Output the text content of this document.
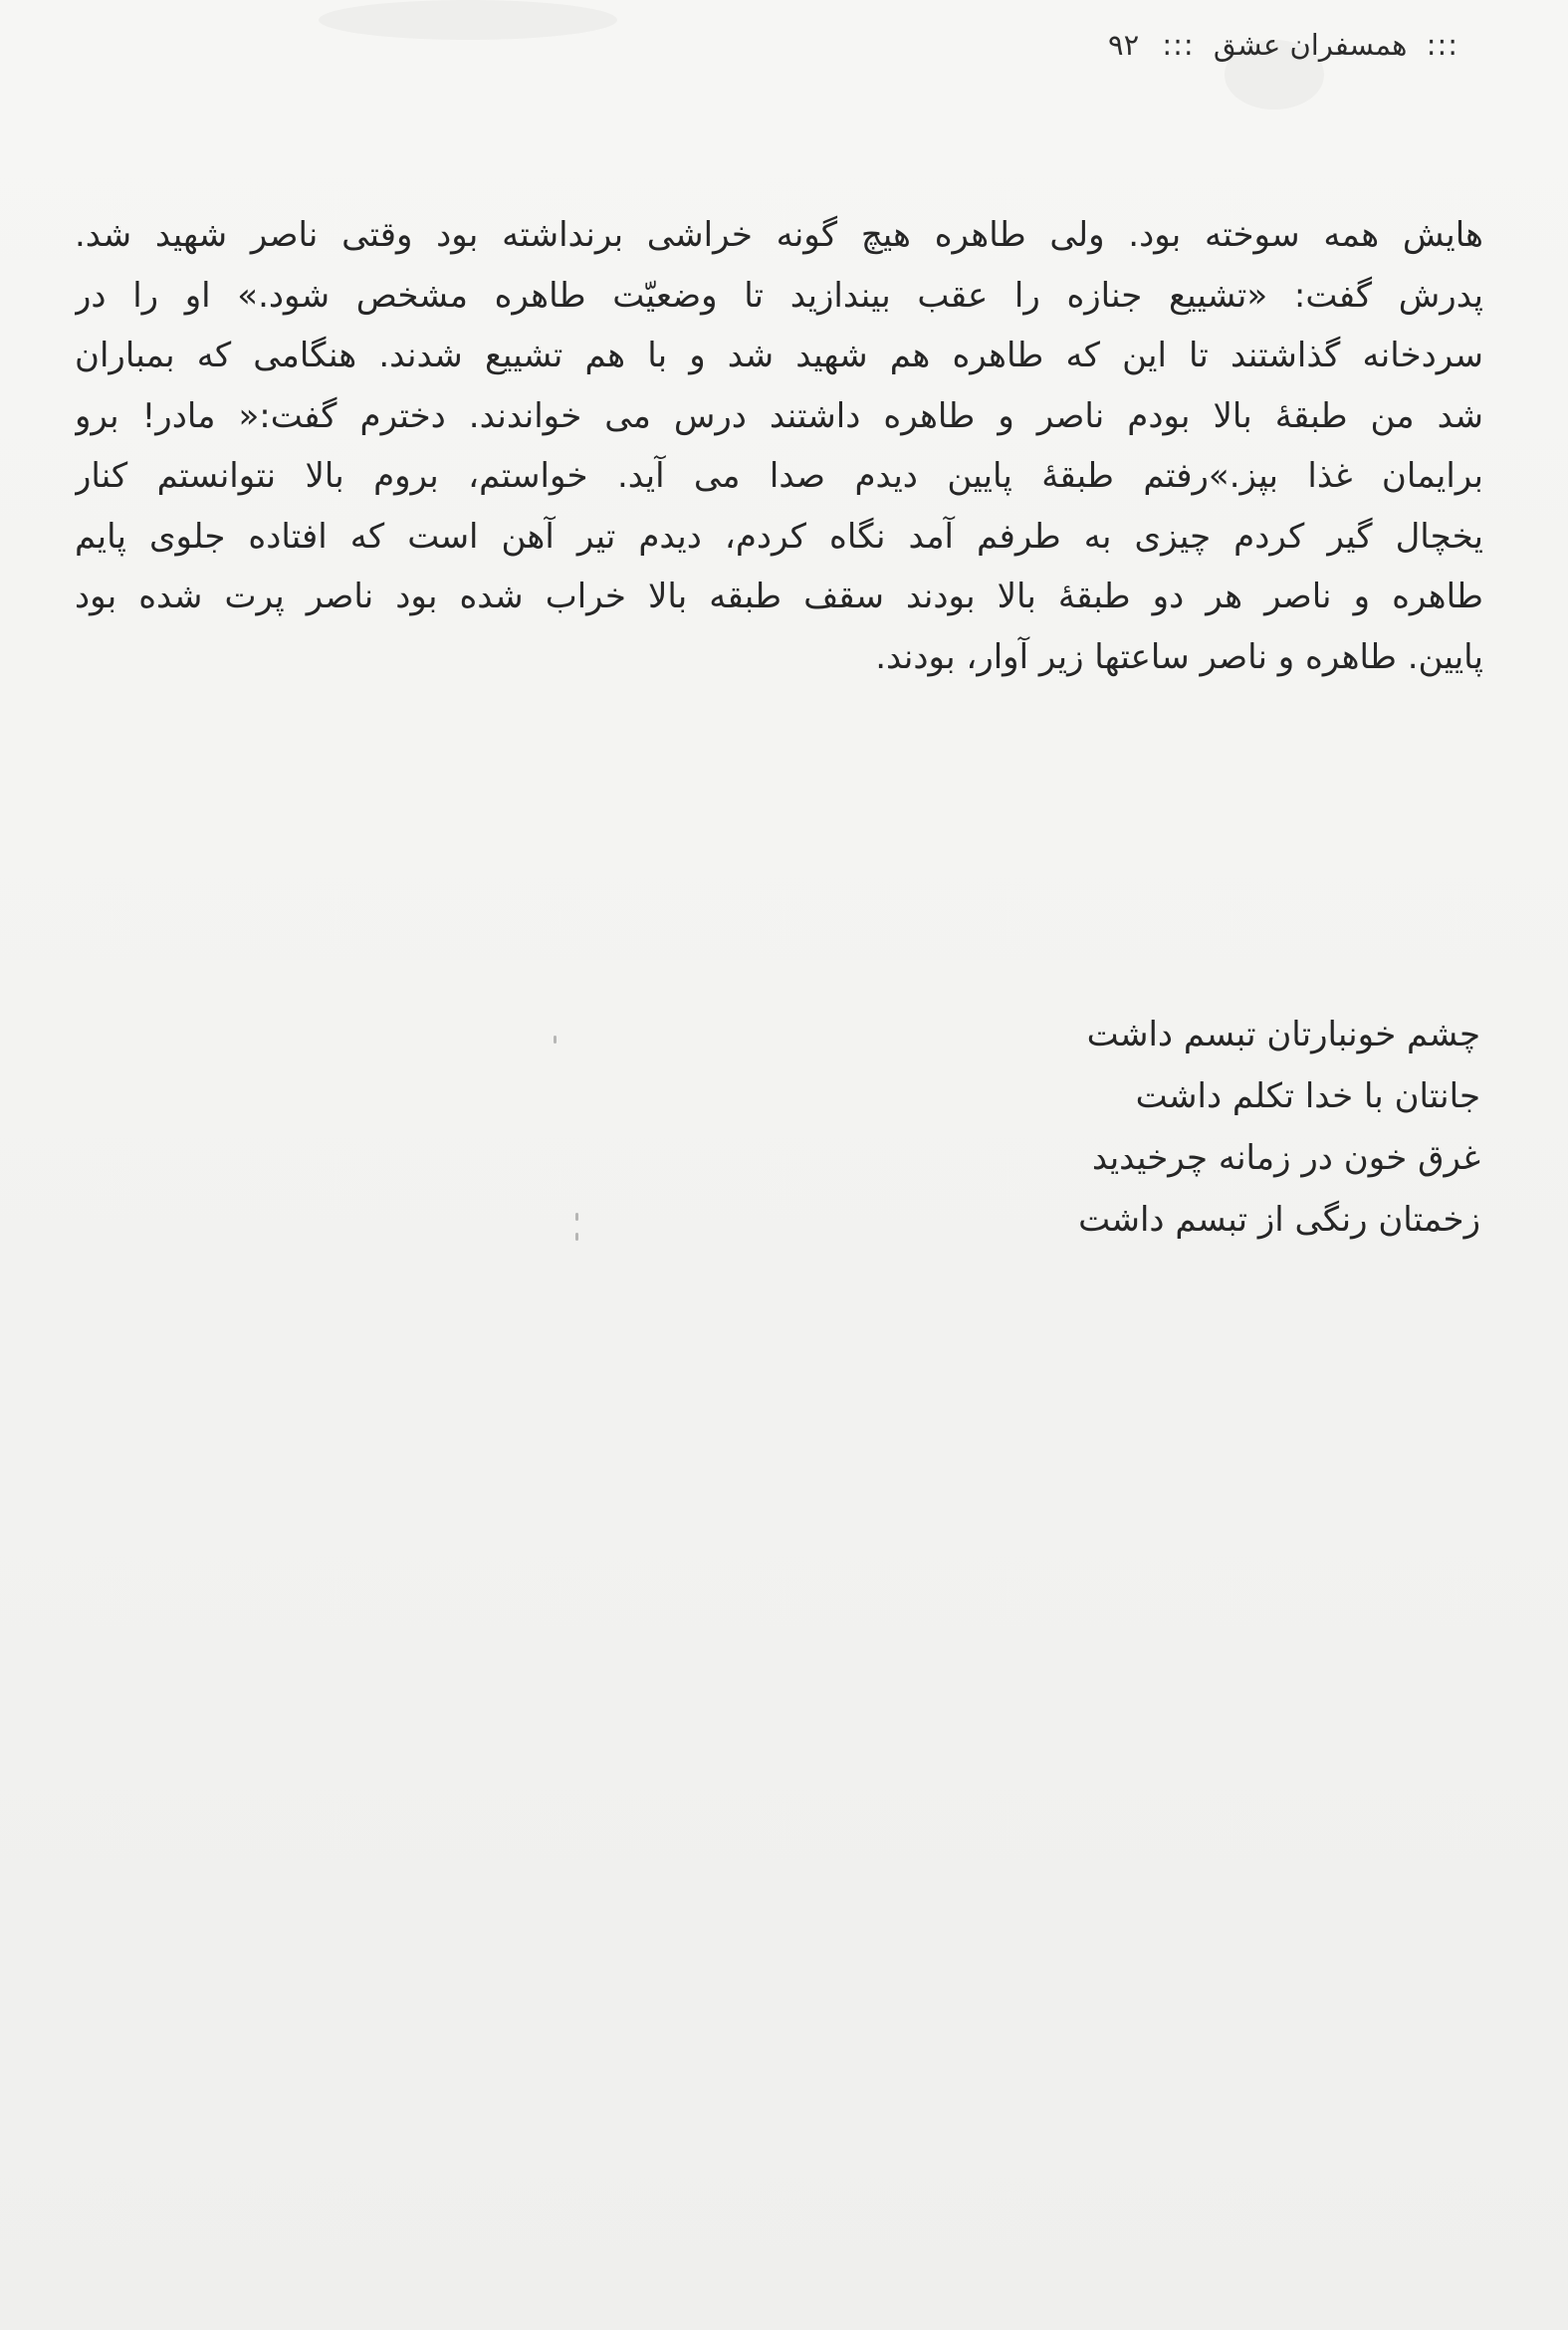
::: همسفران عشق ::: ۹۲
هایش همه سوخته بود. ولی طاهره هیچ گونه خراشی برنداشته بود وقتی ناصر شهید شد.
پدرش گفت: «تشییع جنازه را عقب بیندازید تا وضعیّت طاهره مشخص شود.» او را در
سردخانه گذاشتند تا این که طاهره هم شهید شد و با هم تشییع شدند. هنگامی که بمباران
شد من طبقهٔ بالا بودم ناصر و طاهره داشتند درس می خواندند. دخترم گفت:« مادر! برو
برایمان غذا بپز.»رفتم طبقهٔ پایین دیدم صدا می آید. خواستم، بروم بالا نتوانستم کنار
یخچال گیر کردم چیزی به طرفم آمد نگاه کردم، دیدم تیر آهن است که افتاده جلوی پایم
طاهره و ناصر هر دو طبقهٔ بالا بودند سقف طبقه بالا خراب شده بود ناصر پرت شده بود
پایین. طاهره و ناصر ساعتها زیر آوار، بودند.
چشم خونبارتان تبسم داشت
جانتان با خدا تکلم داشت
غرق خون در زمانه چرخیدید
زخمتان رنگی از تبسم داشت
